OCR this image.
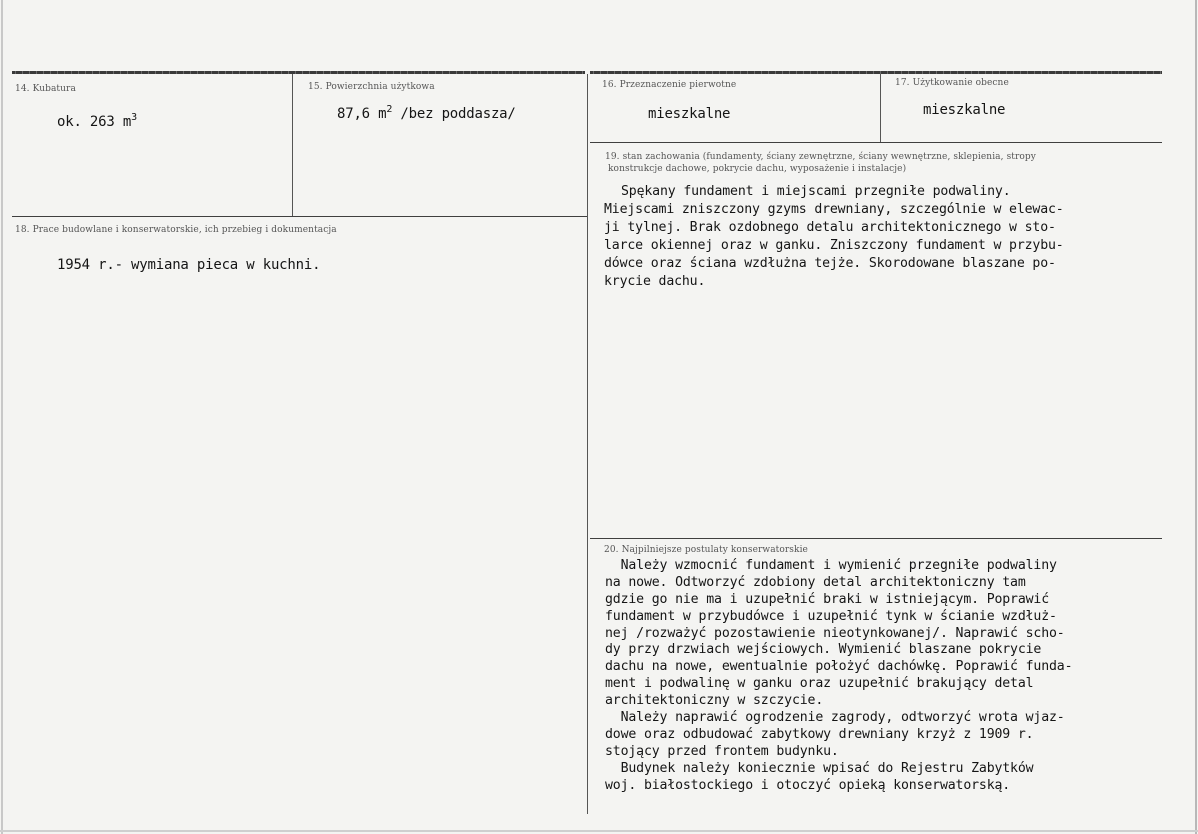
14. Kubatura
ok. 263 $m^3$
15. Powierzchnia użytkowa
87,6 $m^2$ /bez poddasza/
16. Przeznaczenie pierwotne
mieszkalne
17. Użytkowanie obecne
mieszkalne
18. Prace budowlane i konserwatorskie, ich przebieg i dokumentacja
1954 r.- wymiana pieca w kuchni.
19. stan zachowania (fundamenty, ściany zewnętrzne, ściany wewnętrzne, sklepienia, stropy
konstrukcje dachowe, pokrycie dachu, wyposażenie i instalacje)
Spękany fundament i miejscami przegniłe podwaliny.
Miejscami zniszczony gzyms drewniany, szczególnie w elewac-
ji tylnej. Brak ozdobnego detalu architektonicznego w sto-
larce okiennej oraz w ganku. Zniszczony fundament w przybu-
dówce oraz ściana wzdłużna tejże. Skorodowane blaszane po-
krycie dachu.
20. Najpilniejsze postulaty konserwatorskie
Należy wzmocnić fundament i wymienić przegniłe podwaliny
na nowe. Odtworzyć zdobiony detal architektoniczny tam
gdzie go nie ma i uzupełnić braki w istniejącym. Poprawić
fundament w przybudówce i uzupełnić tynk w ścianie wzdłuż-
nej /rozważyć pozostawienie nieotynkowanej/. Naprawić scho-
dy przy drzwiach wejściowych. Wymienić blaszane pokrycie
dachu na nowe, ewentualnie położyć dachówkę. Poprawić funda-
ment i podwalinę w ganku oraz uzupełnić brakujący detal
architektoniczny w szczycie.
Należy naprawić ogrodzenie zagrody, odtworzyć wrota wjaz-
dowe oraz odbudować zabytkowy drewniany krzyż z 1909 r.
stojący przed frontem budynku.
Budynek należy koniecznie wpisać do Rejestru Zabytków
woj. białostockiego i otoczyć opieką konserwatorską.
